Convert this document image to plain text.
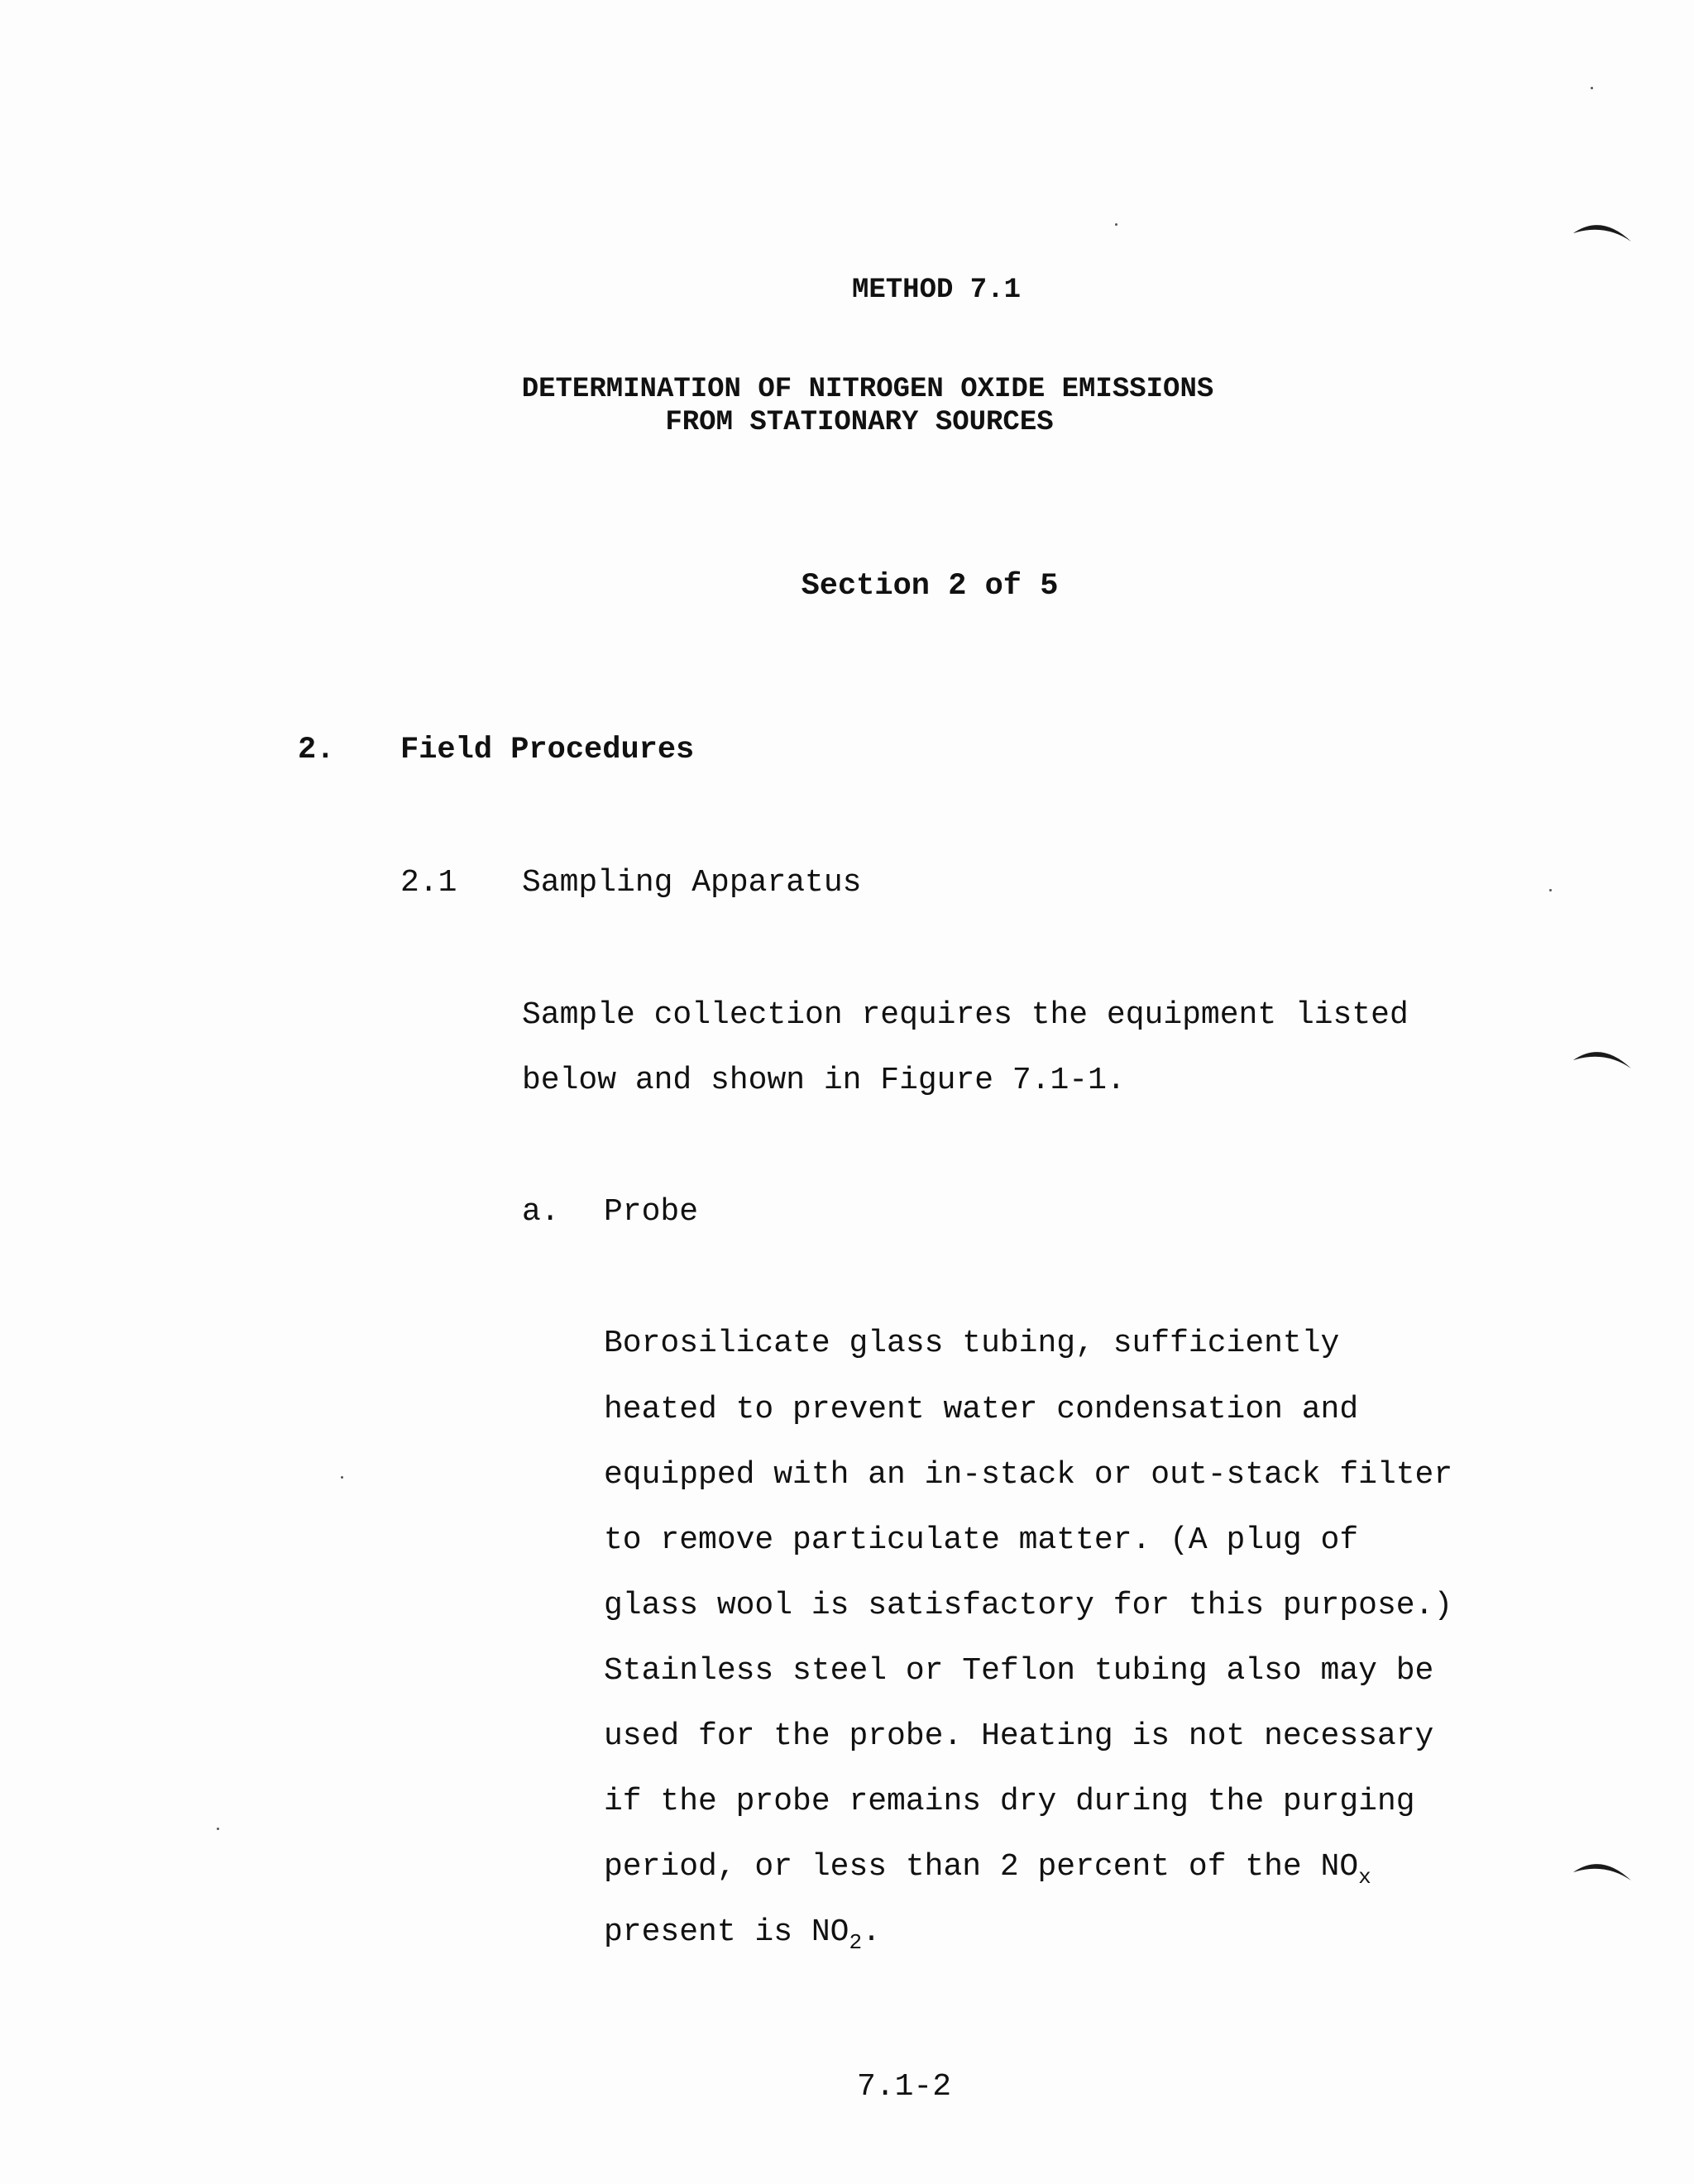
METHOD 7.1
DETERMINATION OF NITROGEN OXIDE EMISSIONS
FROM STATIONARY SOURCES
Section 2 of 5
2. Field Procedures
2.1 Sampling Apparatus
Sample collection requires the equipment listed
below and shown in Figure 7.1-1.
a. Probe
Borosilicate glass tubing, sufficiently
heated to prevent water condensation and
equipped with an in-stack or out-stack filter
to remove particulate matter. (A plug of
glass wool is satisfactory for this purpose.)
Stainless steel or Teflon tubing also may be
used for the probe. Heating is not necessary
if the probe remains dry during the purging
period, or less than 2 percent of the $NO_x$
present is $NO_2$.
7.1-2
